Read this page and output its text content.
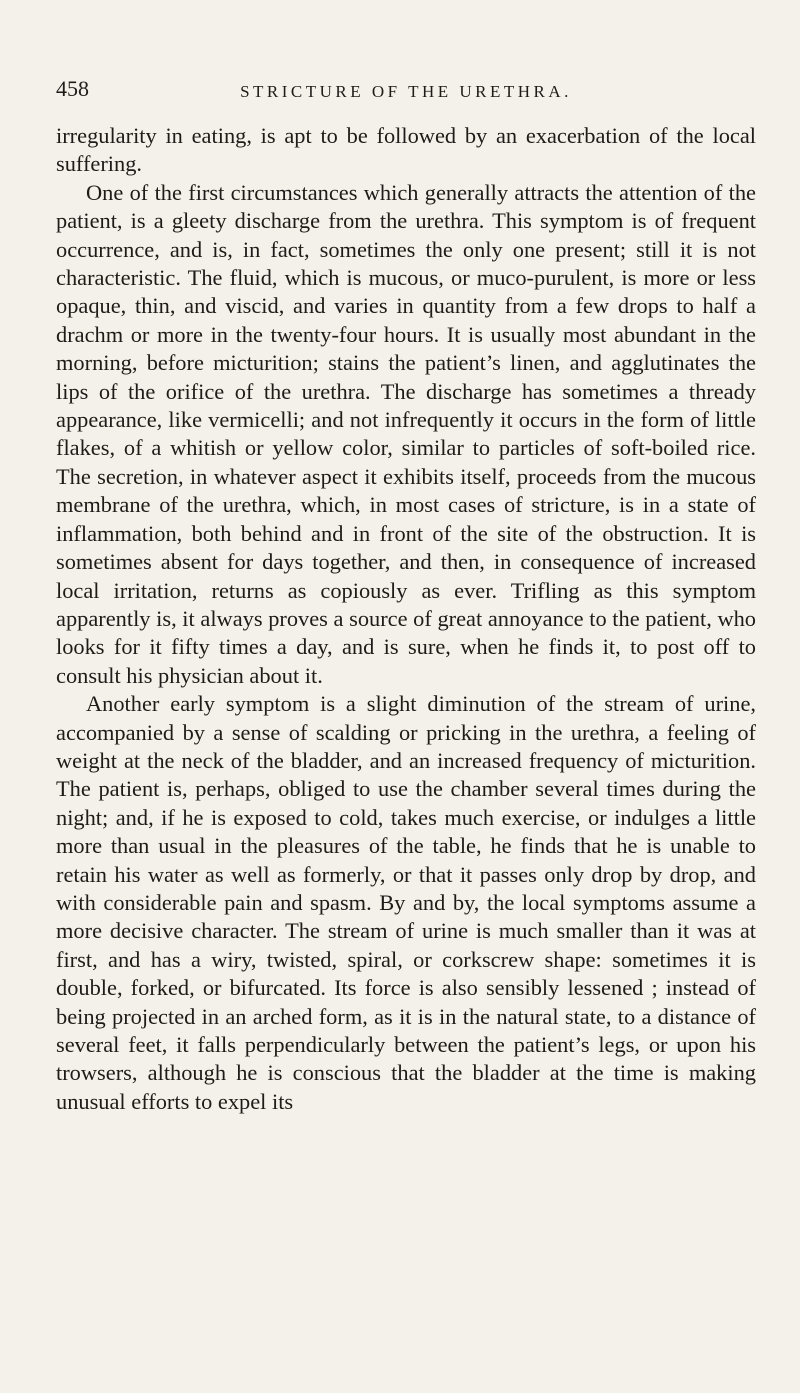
458	STRICTURE OF THE URETHRA.

irregularity in eating, is apt to be followed by an exacerbation of the local suffering.

One of the first circumstances which generally attracts the attention of the patient, is a gleety discharge from the urethra. This symptom is of frequent occurrence, and is, in fact, sometimes the only one present; still it is not characteristic. The fluid, which is mucous, or muco-purulent, is more or less opaque, thin, and viscid, and varies in quantity from a few drops to half a drachm or more in the twenty-four hours. It is usually most abundant in the morning, before micturition; stains the patient’s linen, and agglutinates the lips of the orifice of the urethra. The discharge has sometimes a thready appearance, like vermicelli; and not infrequently it occurs in the form of little flakes, of a whitish or yellow color, similar to particles of soft-boiled rice. The secretion, in whatever aspect it exhibits itself, proceeds from the mucous membrane of the urethra, which, in most cases of stricture, is in a state of inflammation, both behind and in front of the site of the obstruction. It is sometimes absent for days together, and then, in consequence of increased local irritation, returns as copiously as ever. Trifling as this symptom apparently is, it always proves a source of great annoyance to the patient, who looks for it fifty times a day, and is sure, when he finds it, to post off to consult his physician about it.

Another early symptom is a slight diminution of the stream of urine, accompanied by a sense of scalding or pricking in the urethra, a feeling of weight at the neck of the bladder, and an increased frequency of micturition. The patient is, perhaps, obliged to use the chamber several times during the night; and, if he is exposed to cold, takes much exercise, or indulges a little more than usual in the pleasures of the table, he finds that he is unable to retain his water as well as formerly, or that it passes only drop by drop, and with considerable pain and spasm. By and by, the local symptoms assume a more decisive character. The stream of urine is much smaller than it was at first, and has a wiry, twisted, spiral, or corkscrew shape: sometimes it is double, forked, or bifurcated. Its force is also sensibly lessened ; instead of being projected in an arched form, as it is in the natural state, to a distance of several feet, it falls perpendicularly between the patient’s legs, or upon his trowsers, although he is conscious that the bladder at the time is making unusual efforts to expel its
